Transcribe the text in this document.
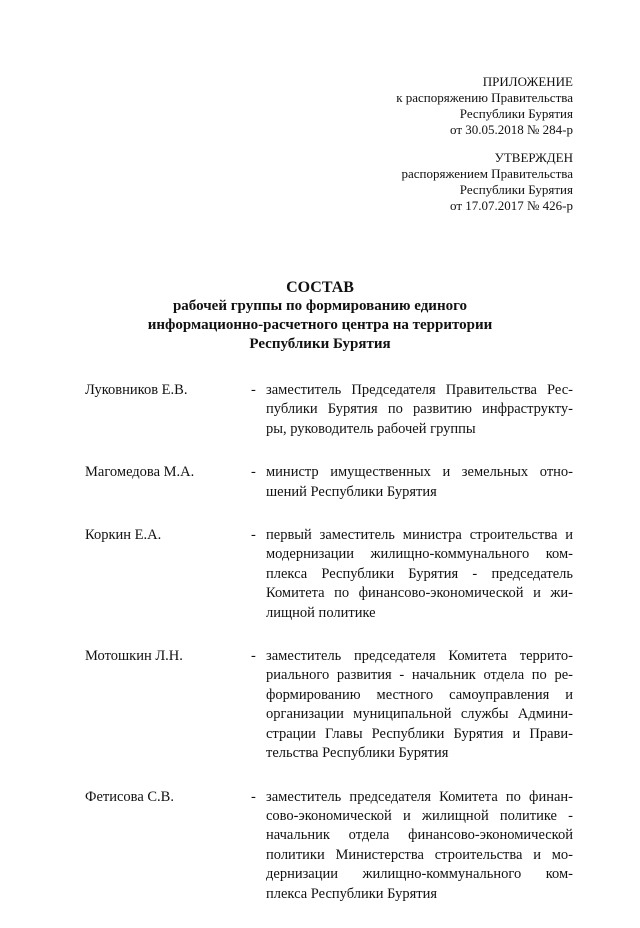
ПРИЛОЖЕНИЕ
к распоряжению Правительства
Республики Бурятия
от 30.05.2018 № 284-р
УТВЕРЖДЕН
распоряжением Правительства
Республики Бурятия
от 17.07.2017 № 426-р
СОСТАВ
рабочей группы по формированию единого
информационно-расчетного центра на территории
Республики Бурятия
Луковников Е.В.	- заместитель Председателя Правительства Рес-
публики Бурятия по развитию инфраструкту-
ры, руководитель рабочей группы
Магомедова М.А.	- министр имущественных и земельных отно-
шений Республики Бурятия
Коркин Е.А.	- первый заместитель министра строительства и
модернизации жилищно-коммунального ком-
плекса Республики Бурятия - председатель
Комитета по финансово-экономической и жи-
лищной политике
Мотошкин Л.Н.	- заместитель председателя Комитета террито-
риального развития - начальник отдела по ре-
формированию местного самоуправления и
организации муниципальной службы Админи-
страции Главы Республики Бурятия и Прави-
тельства Республики Бурятия
Фетисова С.В.	- заместитель председателя Комитета по финан-
сово-экономической и жилищной политике -
начальник отдела финансово-экономической
политики Министерства строительства и мо-
дернизации жилищно-коммунального ком-
плекса Республики Бурятия
